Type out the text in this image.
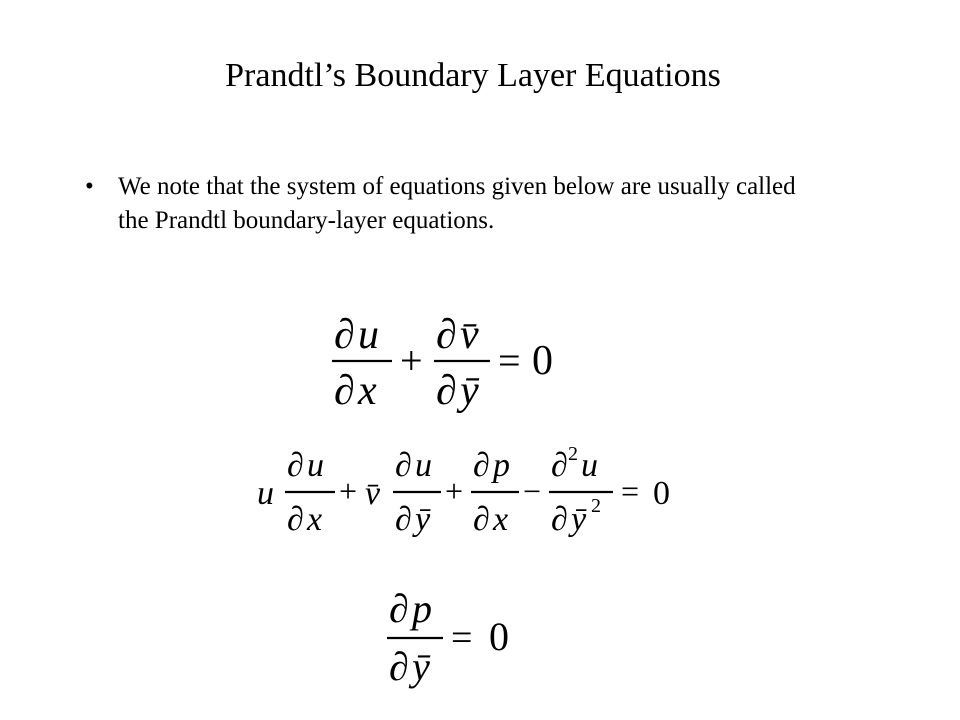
Prandtl’s Boundary Layer Equations
• We note that the system of equations given below are usually called the Prandtl boundary-layer equations.
∂ u
∂ x
+
∂ v̄
∂ ȳ
= 0
u
∂ u
∂ x
+ v̄
∂ u
∂ ȳ
+
∂ p
∂ x
−
∂ 2 u
∂ ȳ 2 = 0
∂ p
∂ ȳ
= 0
